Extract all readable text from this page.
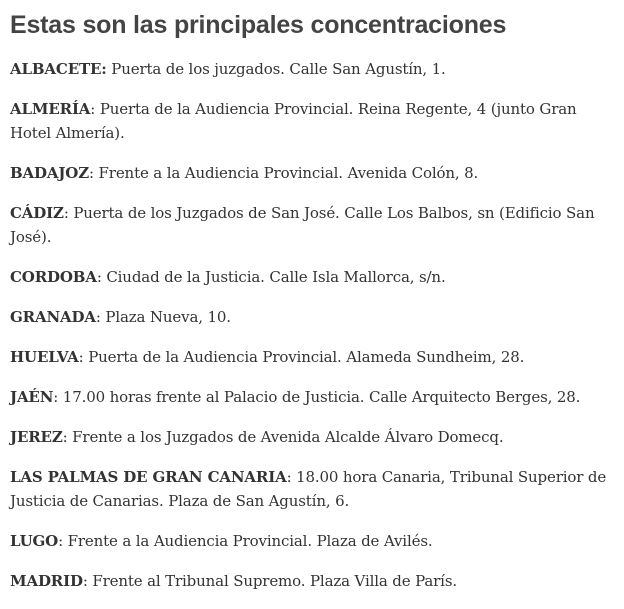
Estas son las principales concentraciones
ALBACETE: Puerta de los juzgados. Calle San Agustín, 1.
ALMERÍA: Puerta de la Audiencia Provincial. Reina Regente, 4 (junto Gran Hotel Almería).
BADAJOZ: Frente a la Audiencia Provincial. Avenida Colón, 8.
CÁDIZ: Puerta de los Juzgados de San José. Calle Los Balbos, sn (Edificio San José).
CORDOBA: Ciudad de la Justicia. Calle Isla Mallorca, s/n.
GRANADA: Plaza Nueva, 10.
HUELVA: Puerta de la Audiencia Provincial. Alameda Sundheim, 28.
JAÉN: 17.00 horas frente al Palacio de Justicia. Calle Arquitecto Berges, 28.
JEREZ: Frente a los Juzgados de Avenida Alcalde Álvaro Domecq.
LAS PALMAS DE GRAN CANARIA: 18.00 hora Canaria, Tribunal Superior de Justicia de Canarias. Plaza de San Agustín, 6.
LUGO: Frente a la Audiencia Provincial. Plaza de Avilés.
MADRID: Frente al Tribunal Supremo. Plaza Villa de París.
